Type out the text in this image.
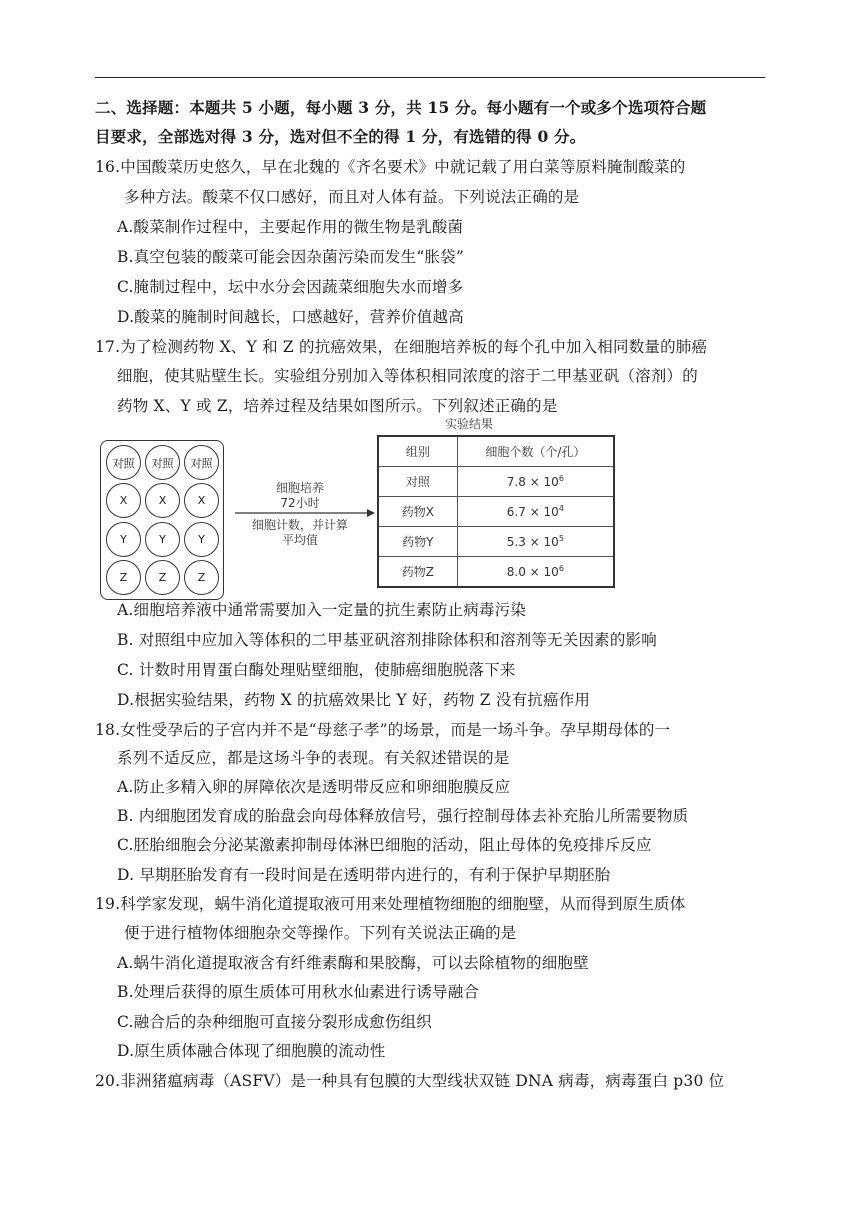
二、选择题：本题共 5 小题，每小题 3 分，共 15 分。每小题有一个或多个选项符合题
目要求，全部选对得 3 分，选对但不全的得 1 分，有选错的得 0 分。
16.中国酸菜历史悠久，早在北魏的《齐名要术》中就记载了用白菜等原料腌制酸菜的
多种方法。酸菜不仅口感好，而且对人体有益。下列说法正确的是
A.酸菜制作过程中，主要起作用的微生物是乳酸菌
B.真空包装的酸菜可能会因杂菌污染而发生“胀袋”
C.腌制过程中，坛中水分会因蔬菜细胞失水而增多
D.酸菜的腌制时间越长，口感越好，营养价值越高
17.为了检测药物 X、Y 和 Z 的抗癌效果，在细胞培养板的每个孔中加入相同数量的肺癌
细胞，使其贴壁生长。实验组分别加入等体积相同浓度的溶于二甲基亚矾（溶剂）的
药物 X、Y 或 Z，培养过程及结果如图所示。下列叙述正确的是
对照	对照	对照
X	X	X
Y	Y	Y
Z	Z	Z
细胞培养
72小时
细胞计数，并计算
平均值
实验结果
组别	细胞个数（个/孔）
对照	$7.8 \times 10^6$
药物X	$6.7 \times 10^4$
药物Y	$5.3 \times 10^5$
药物Z	$8.0 \times 10^6$
A.细胞培养液中通常需要加入一定量的抗生素防止病毒污染
B. 对照组中应加入等体积的二甲基亚矾溶剂排除体积和溶剂等无关因素的影响
C. 计数时用胃蛋白酶处理贴壁细胞，使肺癌细胞脱落下来
D.根据实验结果，药物 X 的抗癌效果比 Y 好，药物 Z 没有抗癌作用
18.女性受孕后的子宫内并不是“母慈子孝”的场景，而是一场斗争。孕早期母体的一
系列不适反应，都是这场斗争的表现。有关叙述错误的是
A.防止多精入卵的屏障依次是透明带反应和卵细胞膜反应
B. 内细胞团发育成的胎盘会向母体释放信号，强行控制母体去补充胎儿所需要物质
C.胚胎细胞会分泌某激素抑制母体淋巴细胞的活动，阻止母体的免疫排斥反应
D. 早期胚胎发育有一段时间是在透明带内进行的，有利于保护早期胚胎
19.科学家发现，蜗牛消化道提取液可用来处理植物细胞的细胞壁，从而得到原生质体
便于进行植物体细胞杂交等操作。下列有关说法正确的是
A.蜗牛消化道提取液含有纤维素酶和果胶酶，可以去除植物的细胞壁
B.处理后获得的原生质体可用秋水仙素进行诱导融合
C.融合后的杂种细胞可直接分裂形成愈伤组织
D.原生质体融合体现了细胞膜的流动性
20.非洲猪瘟病毒（ASFV）是一种具有包膜的大型线状双链 DNA 病毒，病毒蛋白 p30 位
